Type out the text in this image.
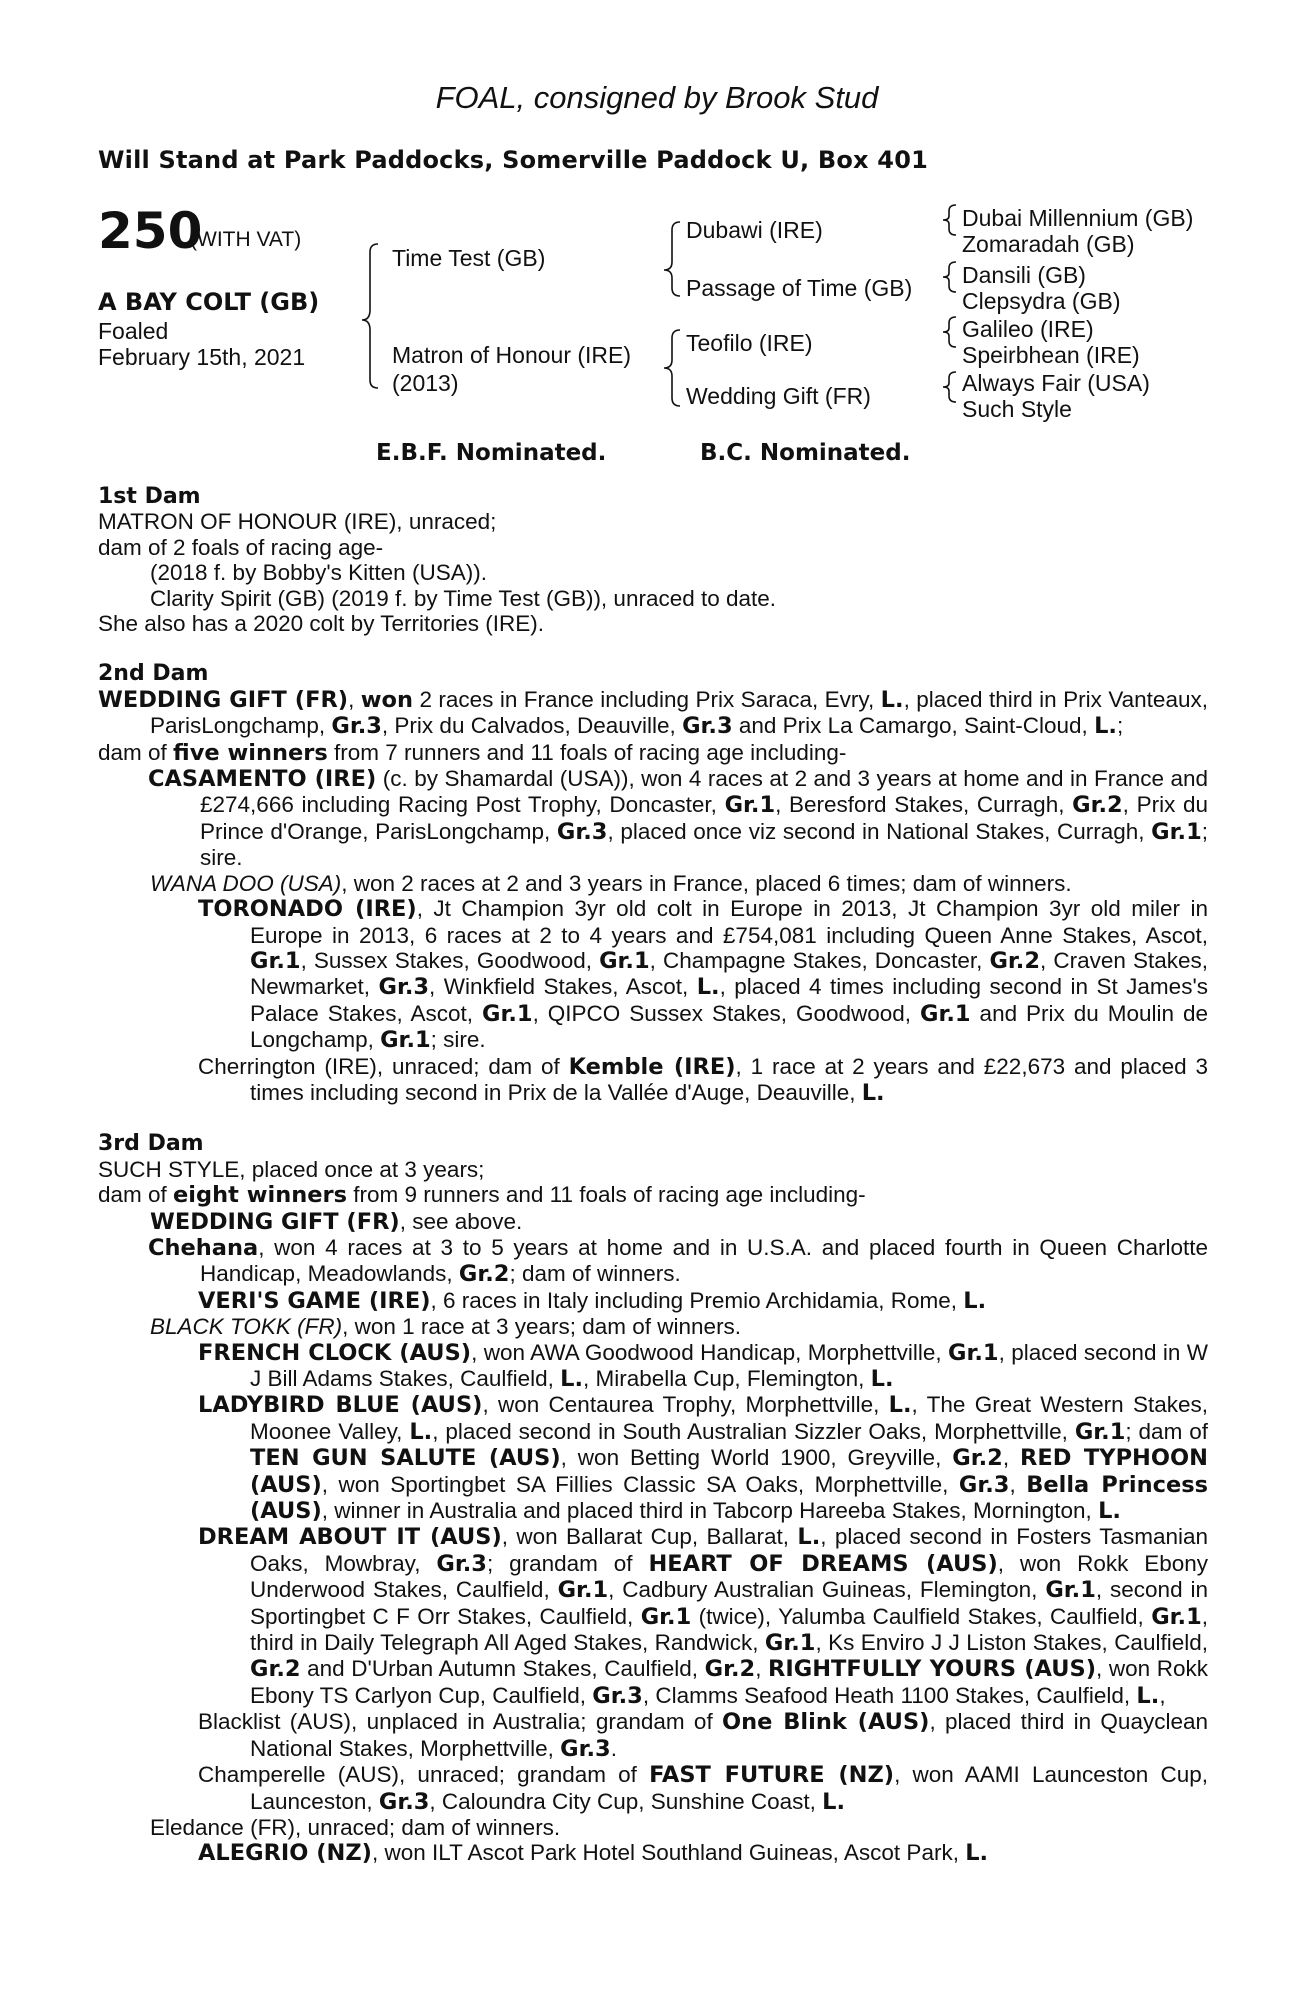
FOAL, consigned by Brook Stud
Will Stand at Park Paddocks, Somerville Paddock U, Box 401
250
(WITH VAT)
A BAY COLT (GB)
Foaled
February 15th, 2021
Time Test (GB)
Matron of Honour (IRE)
(2013)
Dubawi (IRE)
Passage of Time (GB)
Teofilo (IRE)
Wedding Gift (FR)
Dubai Millennium (GB)
Zomaradah (GB)
Dansili (GB)
Clepsydra (GB)
Galileo (IRE)
Speirbhean (IRE)
Always Fair (USA)
Such Style
E.B.F. Nominated.	B.C. Nominated.
1st Dam
MATRON OF HONOUR (IRE), unraced;
dam of 2 foals of racing age-
(2018 f. by Bobby's Kitten (USA)).
Clarity Spirit (GB) (2019 f. by Time Test (GB)), unraced to date.
She also has a 2020 colt by Territories (IRE).
2nd Dam
WEDDING GIFT (FR), won 2 races in France including Prix Saraca, Evry, L., placed third in Prix Vanteaux, ParisLongchamp, Gr.3, Prix du Calvados, Deauville, Gr.3 and Prix La Camargo, Saint-Cloud, L.;
dam of five winners from 7 runners and 11 foals of racing age including-
CASAMENTO (IRE) (c. by Shamardal (USA)), won 4 races at 2 and 3 years at home and in France and £274,666 including Racing Post Trophy, Doncaster, Gr.1, Beresford Stakes, Curragh, Gr.2, Prix du Prince d'Orange, ParisLongchamp, Gr.3, placed once viz second in National Stakes, Curragh, Gr.1; sire.
WANA DOO (USA), won 2 races at 2 and 3 years in France, placed 6 times; dam of winners.
TORONADO (IRE), Jt Champion 3yr old colt in Europe in 2013, Jt Champion 3yr old miler in Europe in 2013, 6 races at 2 to 4 years and £754,081 including Queen Anne Stakes, Ascot, Gr.1, Sussex Stakes, Goodwood, Gr.1, Champagne Stakes, Doncaster, Gr.2, Craven Stakes, Newmarket, Gr.3, Winkfield Stakes, Ascot, L., placed 4 times including second in St James's Palace Stakes, Ascot, Gr.1, QIPCO Sussex Stakes, Goodwood, Gr.1 and Prix du Moulin de Longchamp, Gr.1; sire.
Cherrington (IRE), unraced; dam of Kemble (IRE), 1 race at 2 years and £22,673 and placed 3 times including second in Prix de la Vallée d'Auge, Deauville, L.
3rd Dam
SUCH STYLE, placed once at 3 years;
dam of eight winners from 9 runners and 11 foals of racing age including-
WEDDING GIFT (FR), see above.
Chehana, won 4 races at 3 to 5 years at home and in U.S.A. and placed fourth in Queen Charlotte Handicap, Meadowlands, Gr.2; dam of winners.
VERI'S GAME (IRE), 6 races in Italy including Premio Archidamia, Rome, L.
BLACK TOKK (FR), won 1 race at 3 years; dam of winners.
FRENCH CLOCK (AUS), won AWA Goodwood Handicap, Morphettville, Gr.1, placed second in W J Bill Adams Stakes, Caulfield, L., Mirabella Cup, Flemington, L.
LADYBIRD BLUE (AUS), won Centaurea Trophy, Morphettville, L., The Great Western Stakes, Moonee Valley, L., placed second in South Australian Sizzler Oaks, Morphettville, Gr.1; dam of TEN GUN SALUTE (AUS), won Betting World 1900, Greyville, Gr.2, RED TYPHOON (AUS), won Sportingbet SA Fillies Classic SA Oaks, Morphettville, Gr.3, Bella Princess (AUS), winner in Australia and placed third in Tabcorp Hareeba Stakes, Mornington, L.
DREAM ABOUT IT (AUS), won Ballarat Cup, Ballarat, L., placed second in Fosters Tasmanian Oaks, Mowbray, Gr.3; grandam of HEART OF DREAMS (AUS), won Rokk Ebony Underwood Stakes, Caulfield, Gr.1, Cadbury Australian Guineas, Flemington, Gr.1, second in Sportingbet C F Orr Stakes, Caulfield, Gr.1 (twice), Yalumba Caulfield Stakes, Caulfield, Gr.1, third in Daily Telegraph All Aged Stakes, Randwick, Gr.1, Ks Enviro J J Liston Stakes, Caulfield, Gr.2 and D'Urban Autumn Stakes, Caulfield, Gr.2, RIGHTFULLY YOURS (AUS), won Rokk Ebony TS Carlyon Cup, Caulfield, Gr.3, Clamms Seafood Heath 1100 Stakes, Caulfield, L.,
Blacklist (AUS), unplaced in Australia; grandam of One Blink (AUS), placed third in Quayclean National Stakes, Morphettville, Gr.3.
Champerelle (AUS), unraced; grandam of FAST FUTURE (NZ), won AAMI Launceston Cup, Launceston, Gr.3, Caloundra City Cup, Sunshine Coast, L.
Eledance (FR), unraced; dam of winners.
ALEGRIO (NZ), won ILT Ascot Park Hotel Southland Guineas, Ascot Park, L.
